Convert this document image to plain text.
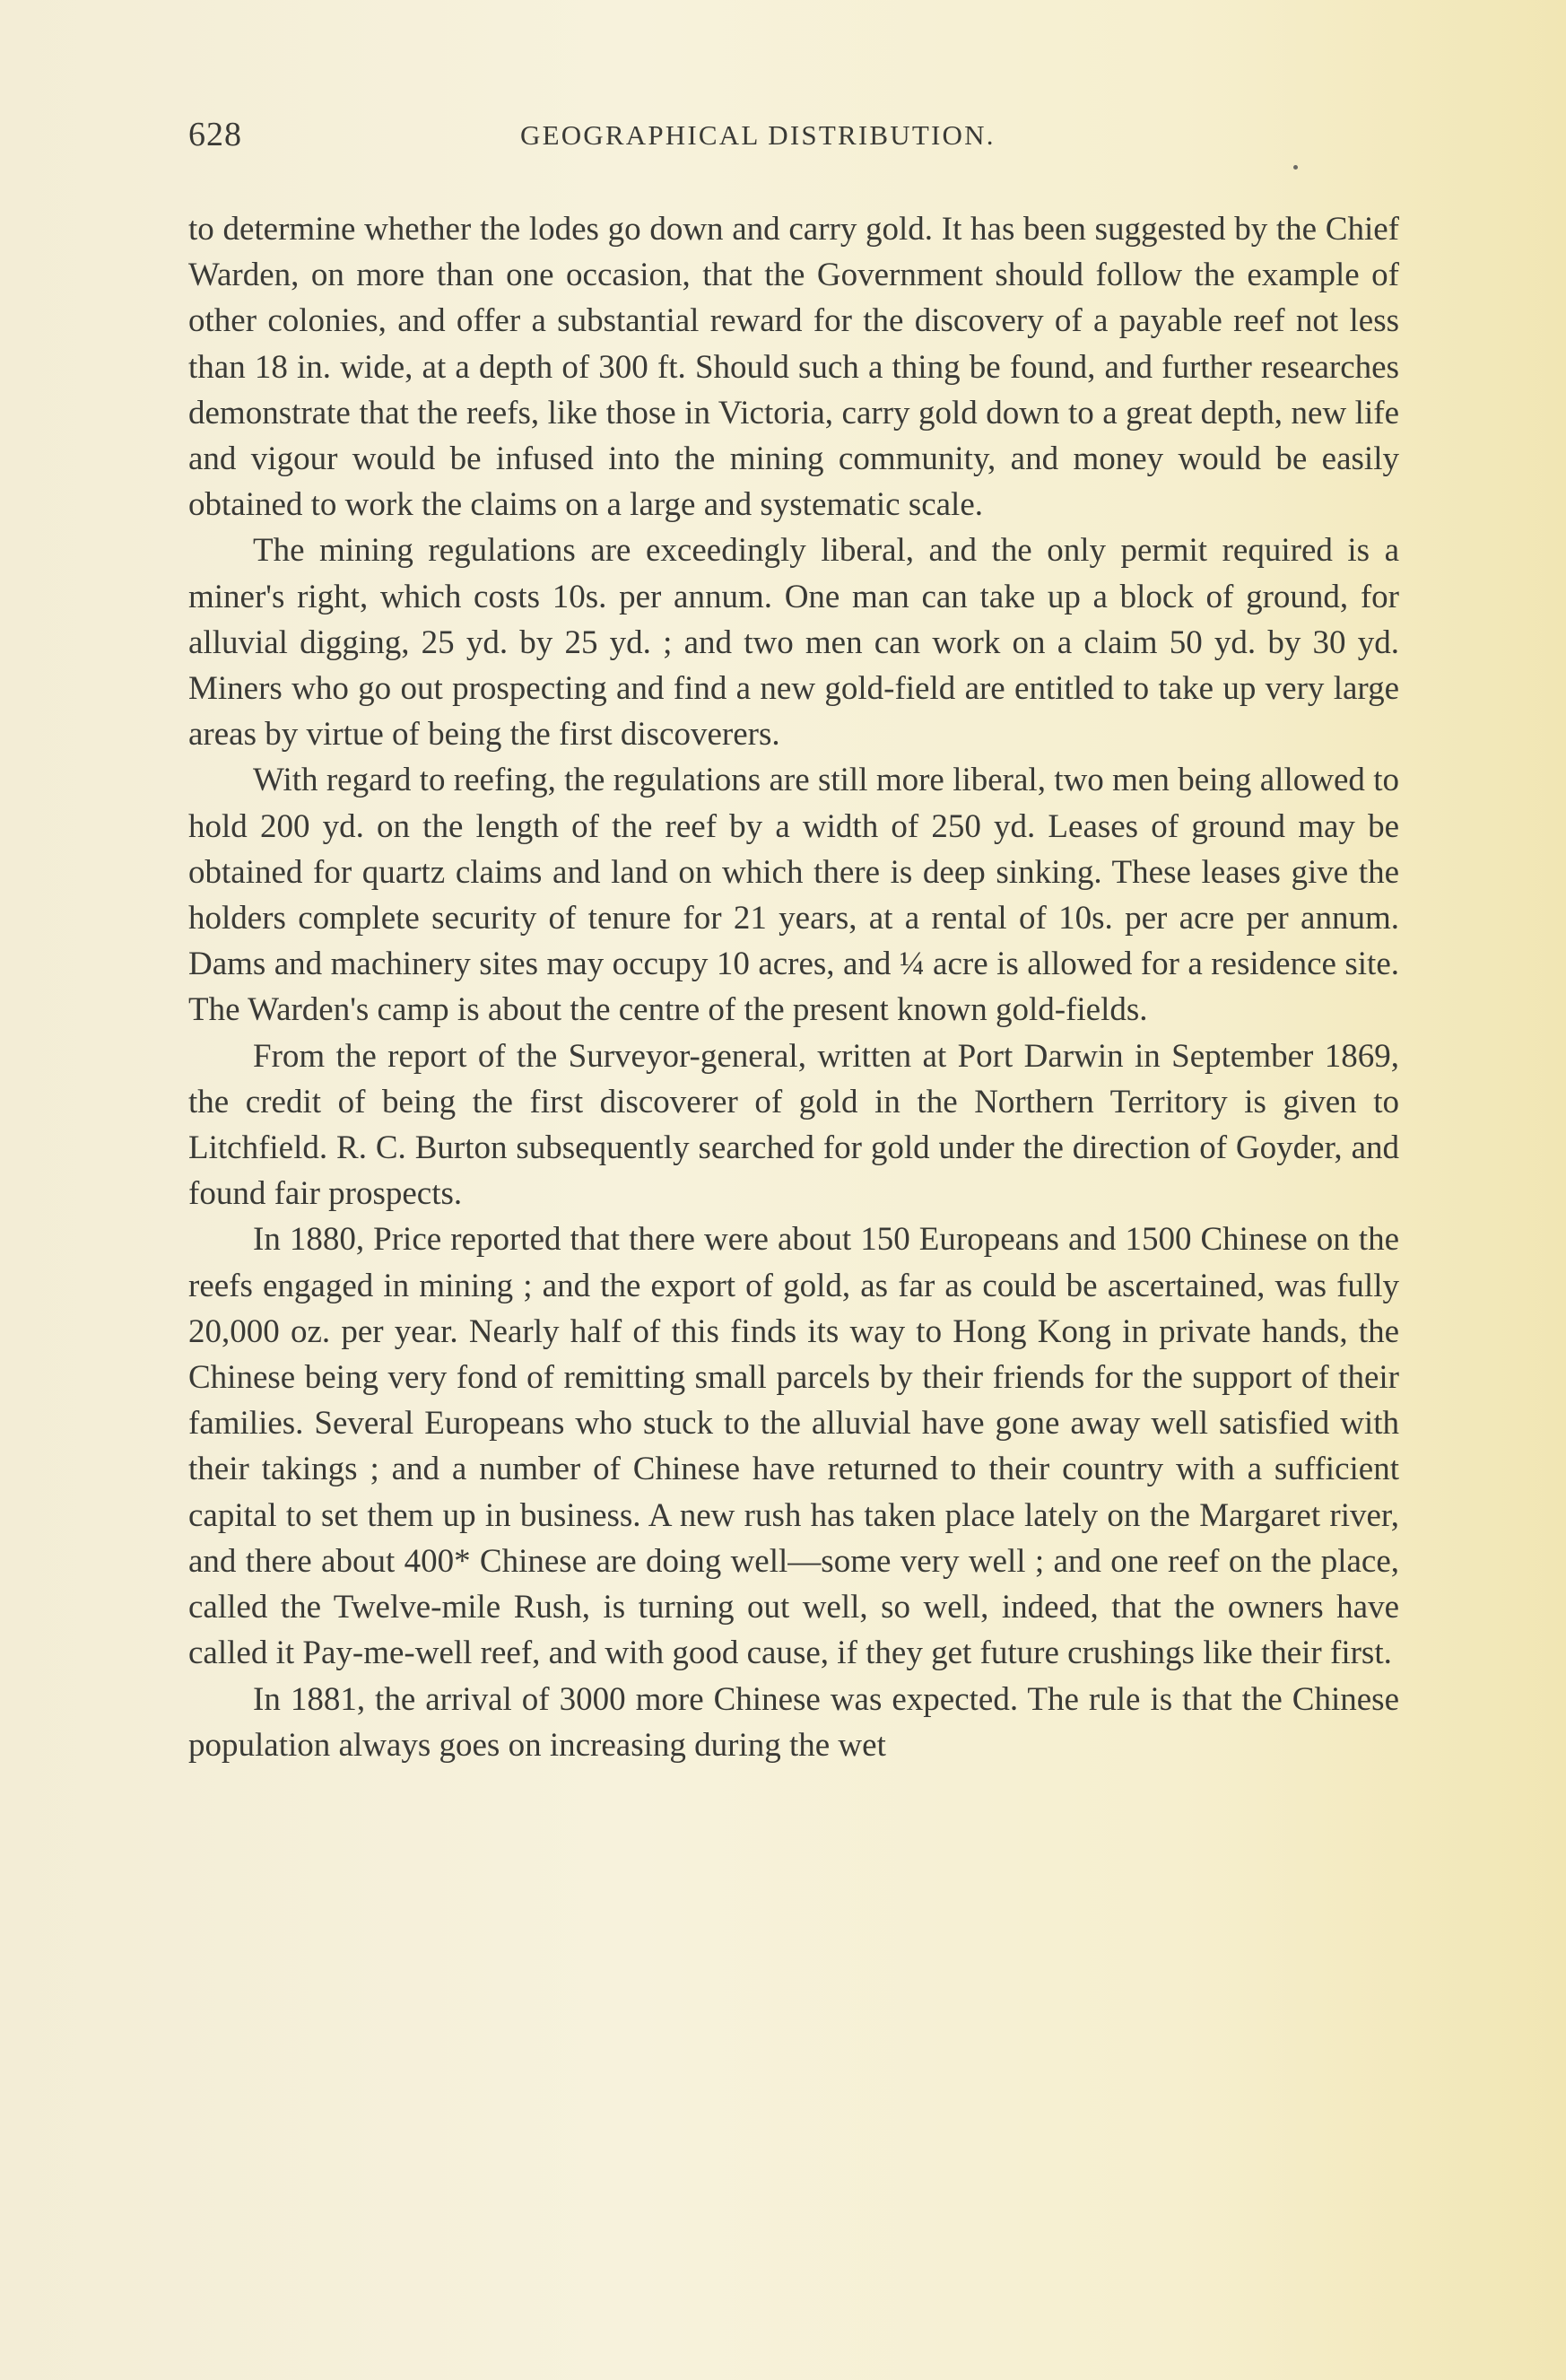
628	GEOGRAPHICAL DISTRIBUTION.

to determine whether the lodes go down and carry gold. It has been suggested by the Chief Warden, on more than one occasion, that the Government should follow the example of other colonies, and offer a substantial reward for the discovery of a payable reef not less than 18 in. wide, at a depth of 300 ft. Should such a thing be found, and further researches demonstrate that the reefs, like those in Victoria, carry gold down to a great depth, new life and vigour would be infused into the mining community, and money would be easily obtained to work the claims on a large and systematic scale.

The mining regulations are exceedingly liberal, and the only permit required is a miner's right, which costs 10s. per annum. One man can take up a block of ground, for alluvial digging, 25 yd. by 25 yd. ; and two men can work on a claim 50 yd. by 30 yd. Miners who go out prospecting and find a new gold-field are entitled to take up very large areas by virtue of being the first discoverers.

With regard to reefing, the regulations are still more liberal, two men being allowed to hold 200 yd. on the length of the reef by a width of 250 yd. Leases of ground may be obtained for quartz claims and land on which there is deep sinking. These leases give the holders complete security of tenure for 21 years, at a rental of 10s. per acre per annum. Dams and machinery sites may occupy 10 acres, and ¼ acre is allowed for a residence site. The Warden's camp is about the centre of the present known gold-fields.

From the report of the Surveyor-general, written at Port Darwin in September 1869, the credit of being the first discoverer of gold in the Northern Territory is given to Litchfield. R. C. Burton subsequently searched for gold under the direction of Goyder, and found fair prospects.

In 1880, Price reported that there were about 150 Europeans and 1500 Chinese on the reefs engaged in mining ; and the export of gold, as far as could be ascertained, was fully 20,000 oz. per year. Nearly half of this finds its way to Hong Kong in private hands, the Chinese being very fond of remitting small parcels by their friends for the support of their families. Several Europeans who stuck to the alluvial have gone away well satisfied with their takings ; and a number of Chinese have returned to their country with a sufficient capital to set them up in business. A new rush has taken place lately on the Margaret river, and there about 400* Chinese are doing well—some very well ; and one reef on the place, called the Twelve-mile Rush, is turning out well, so well, indeed, that the owners have called it Pay-me-well reef, and with good cause, if they get future crushings like their first.

In 1881, the arrival of 3000 more Chinese was expected. The rule is that the Chinese population always goes on increasing during the wet
